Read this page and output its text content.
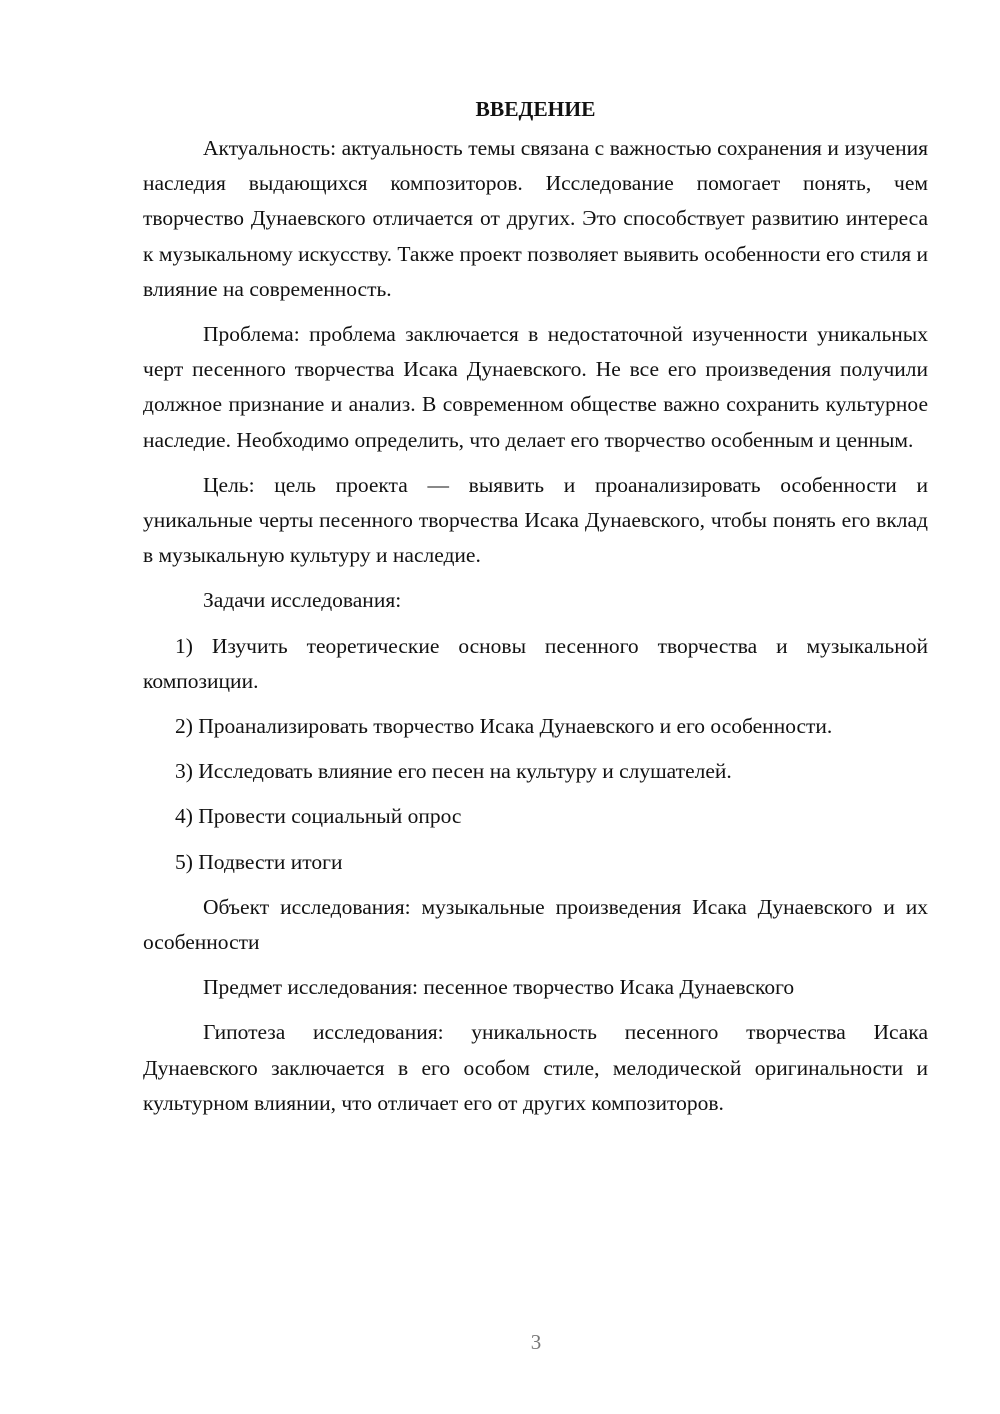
ВВЕДЕНИЕ

Актуальность: актуальность темы связана с важностью сохранения и изучения наследия выдающихся композиторов. Исследование помогает понять, чем творчество Дунаевского отличается от других. Это способствует развитию интереса к музыкальному искусству. Также проект позволяет выявить особенности его стиля и влияние на современность.

Проблема: проблема заключается в недостаточной изученности уникальных черт песенного творчества Исака Дунаевского. Не все его произведения получили должное признание и анализ. В современном обществе важно сохранить культурное наследие. Необходимо определить, что делает его творчество особенным и ценным.

Цель: цель проекта — выявить и проанализировать особенности и уникальные черты песенного творчества Исака Дунаевского, чтобы понять его вклад в музыкальную культуру и наследие.

Задачи исследования:

1) Изучить теоретические основы песенного творчества и музыкальной композиции.

2) Проанализировать творчество Исака Дунаевского и его особенности.

3) Исследовать влияние его песен на культуру и слушателей.

4) Провести социальный опрос

5) Подвести итоги

Объект исследования: музыкальные произведения Исака Дунаевского и их особенности

Предмет исследования: песенное творчество Исака Дунаевского

Гипотеза исследования: уникальность песенного творчества Исака Дунаевского заключается в его особом стиле, мелодической оригинальности и культурном влиянии, что отличает его от других композиторов.

3
